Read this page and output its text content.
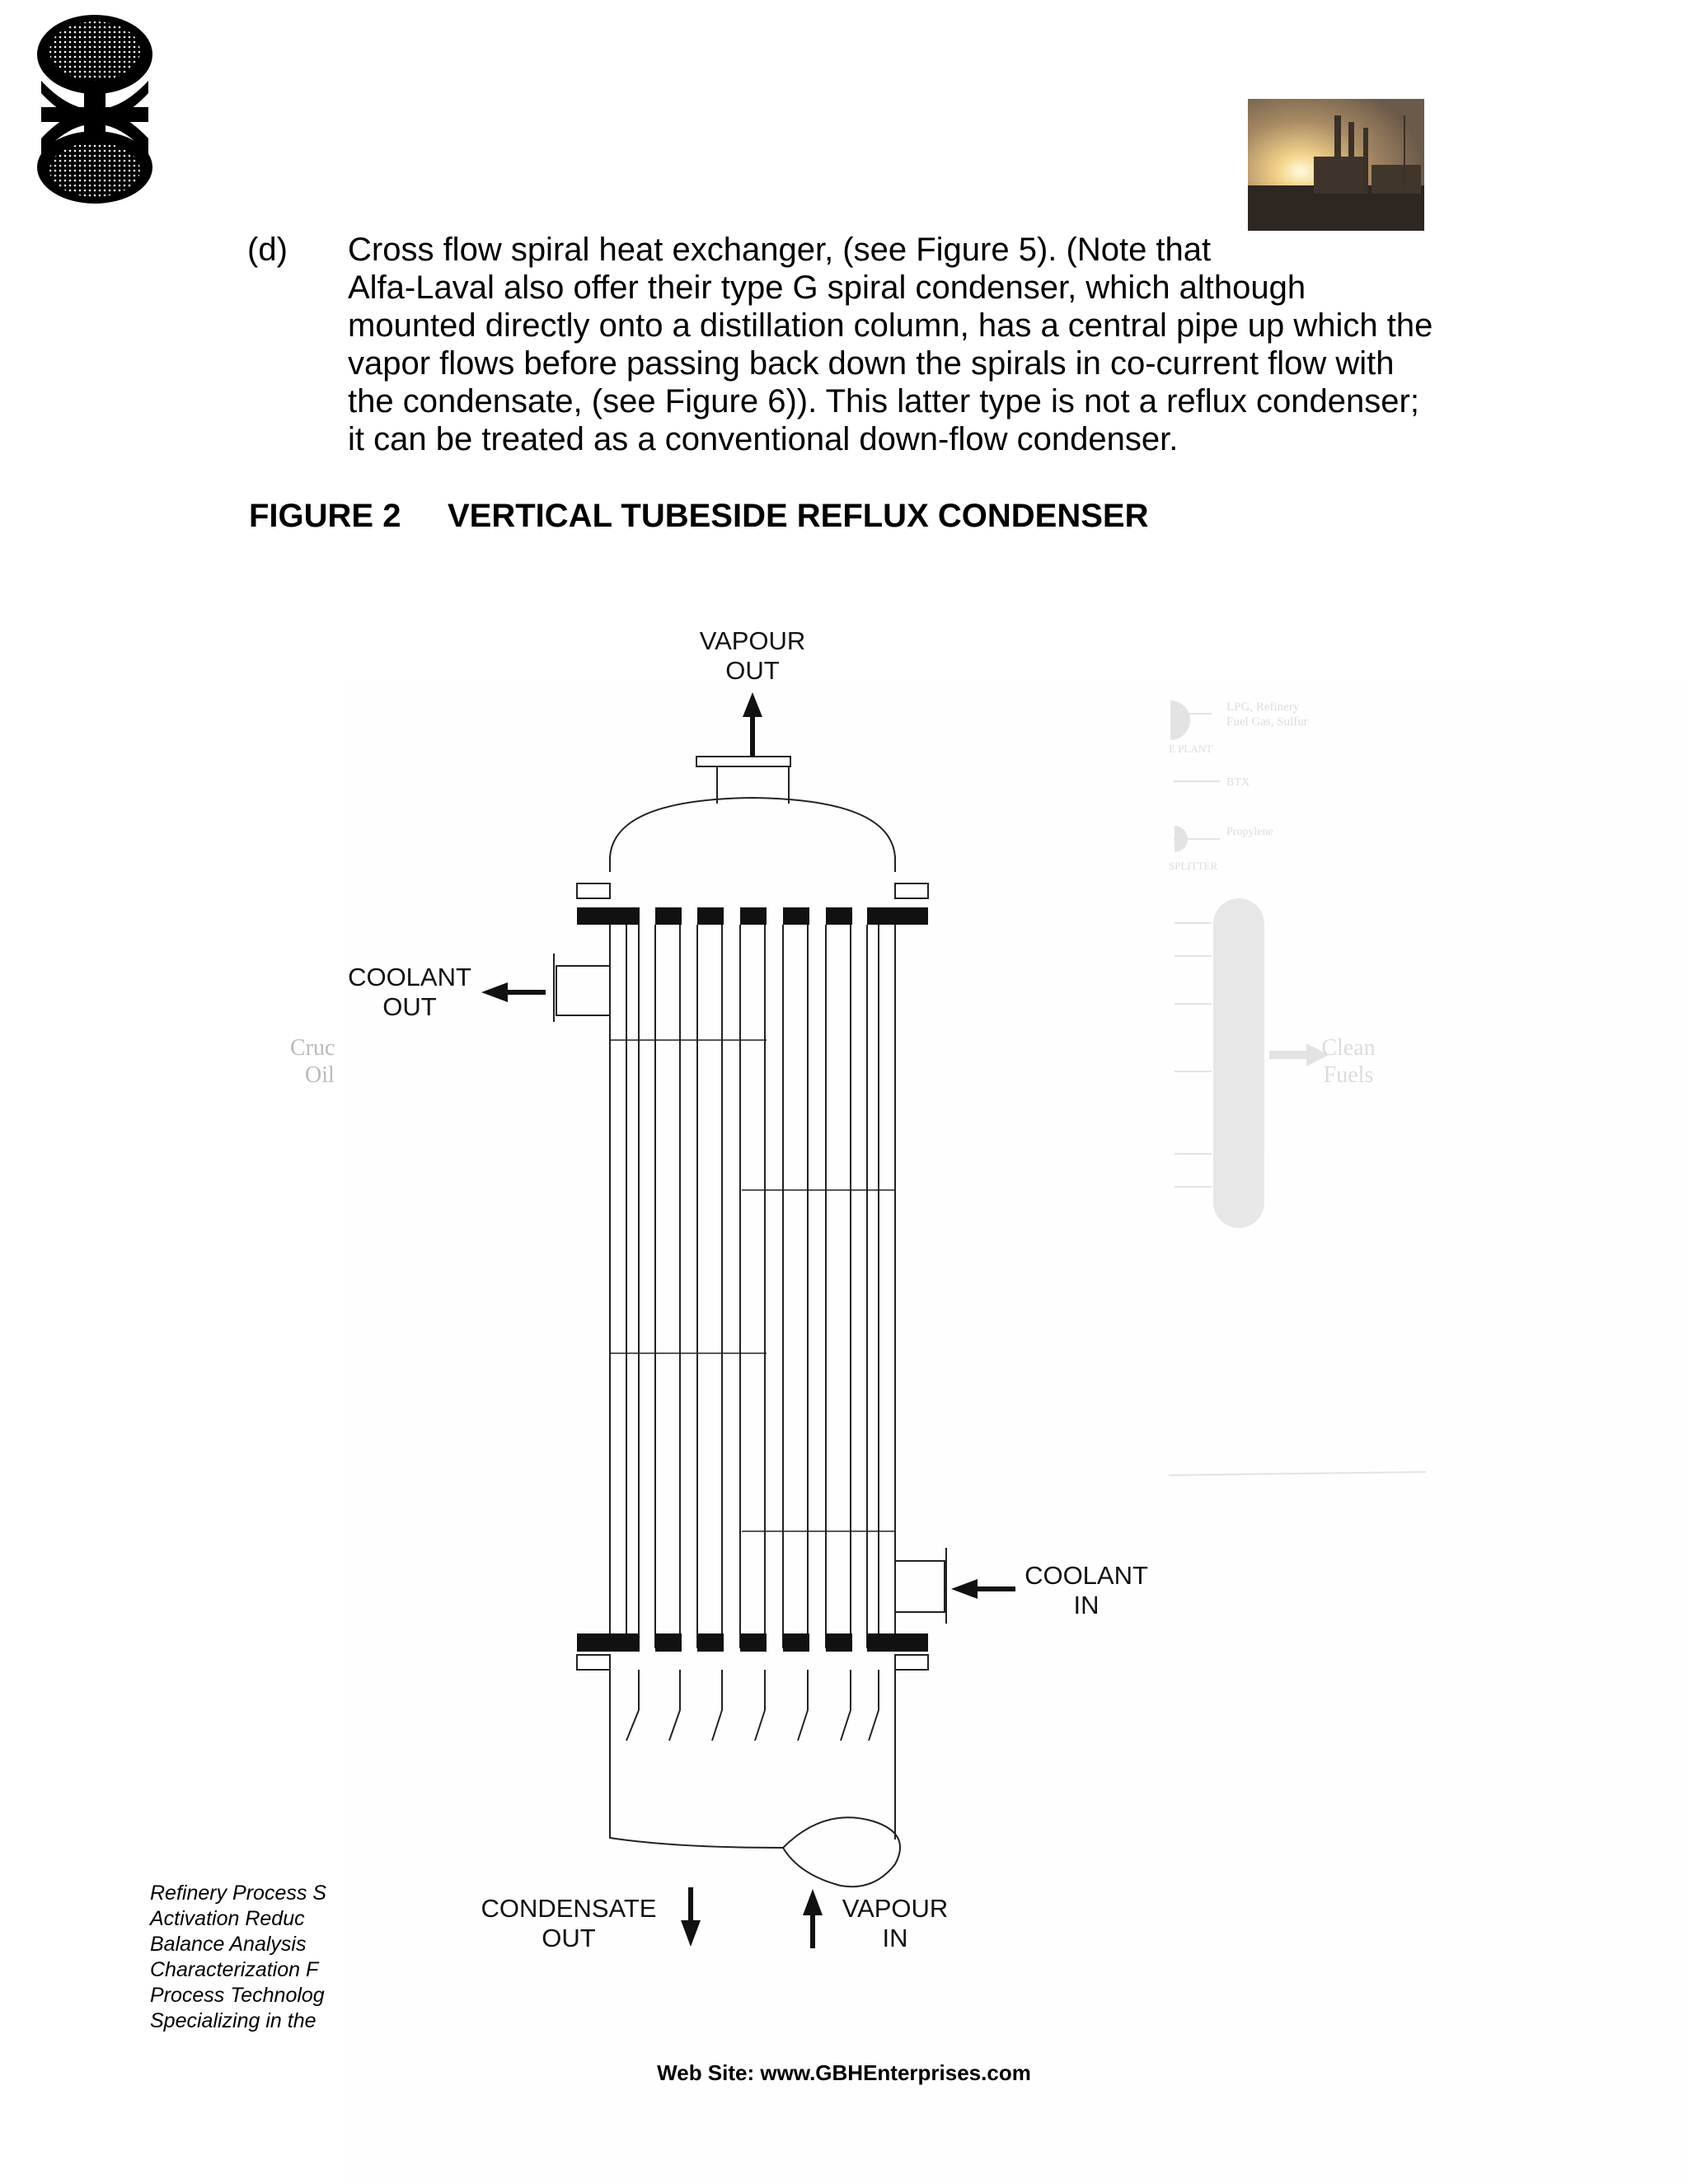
(d) Cross flow spiral heat exchanger, (see Figure 5). (Note that
Alfa-Laval also offer their type G spiral condenser, which although
mounted directly onto a distillation column, has a central pipe up which the
vapor flows before passing back down the spirals in co-current flow with
the condensate, (see Figure 6)). This latter type is not a reflux condenser;
it can be treated as a conventional down-flow condenser.
FIGURE 2 VERTICAL TUBESIDE REFLUX CONDENSER
Refinery Process S
Activation Reduc
Balance Analysis
Characterization F
Process Technolog
Specializing in the
LPG, Refinery
Fuel Gas, Sulfur
E PLANT
BTX
Propylene
SPLITTER
Clean
Fuels
Cruc
Oil
VAPOUR
OUT
COOLANT
OUT
COOLANT
IN
CONDENSATE
OUT
VAPOUR
IN
Web Site: www.GBHEnterprises.com
